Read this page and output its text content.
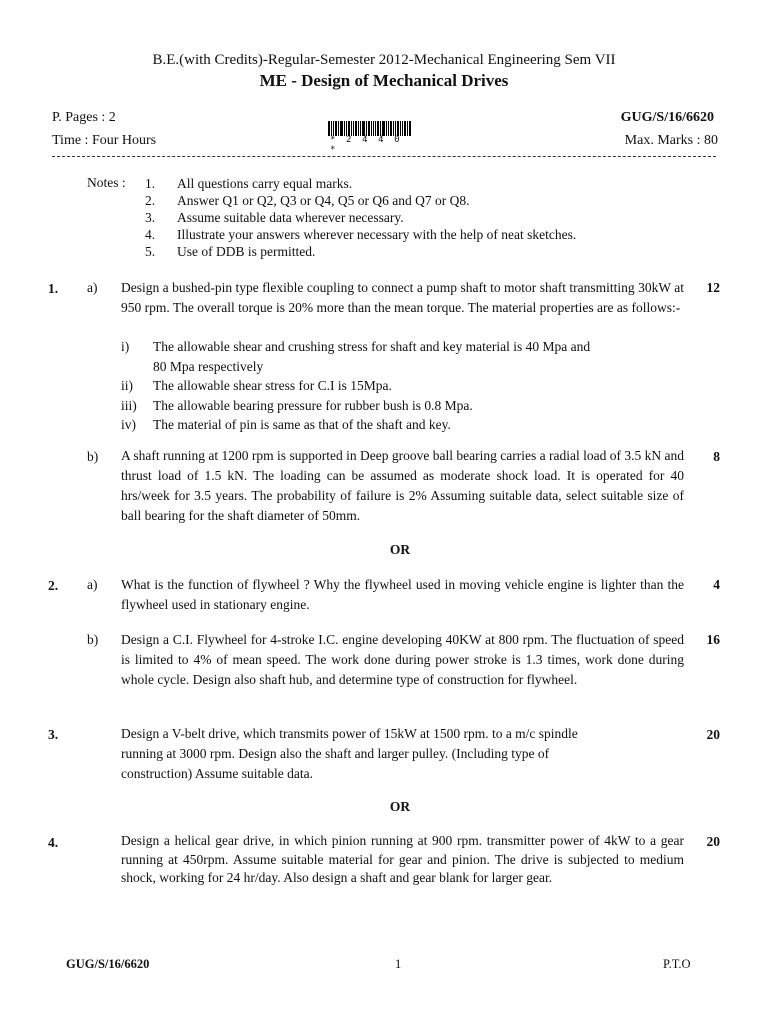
B.E.(with Credits)-Regular-Semester 2012-Mechanical Engineering Sem VII
ME - Design of Mechanical Drives
P. Pages : 2
Time : Four Hours
GUG/S/16/6620
Max. Marks : 80
* 2 4 4 0 *
Notes : 1.	All questions carry equal marks.
2.	Answer Q1 or Q2, Q3 or Q4, Q5 or Q6 and Q7 or Q8.
3.	Assume suitable data wherever necessary.
4.	Illustrate your answers wherever necessary with the help of neat sketches.
5.	Use of DDB is permitted.
1. a) Design a bushed-pin type flexible coupling to connect a pump shaft to motor shaft transmitting 30kW at 950 rpm. The overall torque is 20% more than the mean torque. The material properties are as follows:-
12
i)	The allowable shear and crushing stress for shaft and key material is 40 Mpa and
80 Mpa respectively
ii)	The allowable shear stress for C.I is 15Mpa.
iii)	The allowable bearing pressure for rubber bush is 0.8 Mpa.
iv)	The material of pin is same as that of the shaft and key.
b) A shaft running at 1200 rpm is supported in Deep groove ball bearing carries a radial load of 3.5 kN and thrust load of 1.5 kN. The loading can be assumed as moderate shock load. It is operated for 40 hrs/week for 3.5 years. The probability of failure is 2% Assuming suitable data, select suitable size of ball bearing for the shaft diameter of 50mm.
8
OR
2. a) What is the function of flywheel ? Why the flywheel used in moving vehicle engine is lighter than the flywheel used in stationary engine.
4
b) Design a C.I. Flywheel for 4-stroke I.C. engine developing 40KW at 800 rpm. The fluctuation of speed is limited to 4% of mean speed. The work done during power stroke is 1.3 times, work done during whole cycle. Design also shaft hub, and determine type of construction for flywheel.
16
3.	Design a V-belt drive, which transmits power of 15kW at 1500 rpm. to a m/c spindle
running at 3000 rpm. Design also the shaft and larger pulley. (Including type of
construction) Assume suitable data.
20
OR
4.	Design a helical gear drive, in which pinion running at 900 rpm. transmitter power of 4kW to a gear running at 450rpm. Assume suitable material for gear and pinion. The drive is subjected to medium shock, working for 24 hr/day. Also design a shaft and gear blank for larger gear.
20
GUG/S/16/6620	1	P.T.O
